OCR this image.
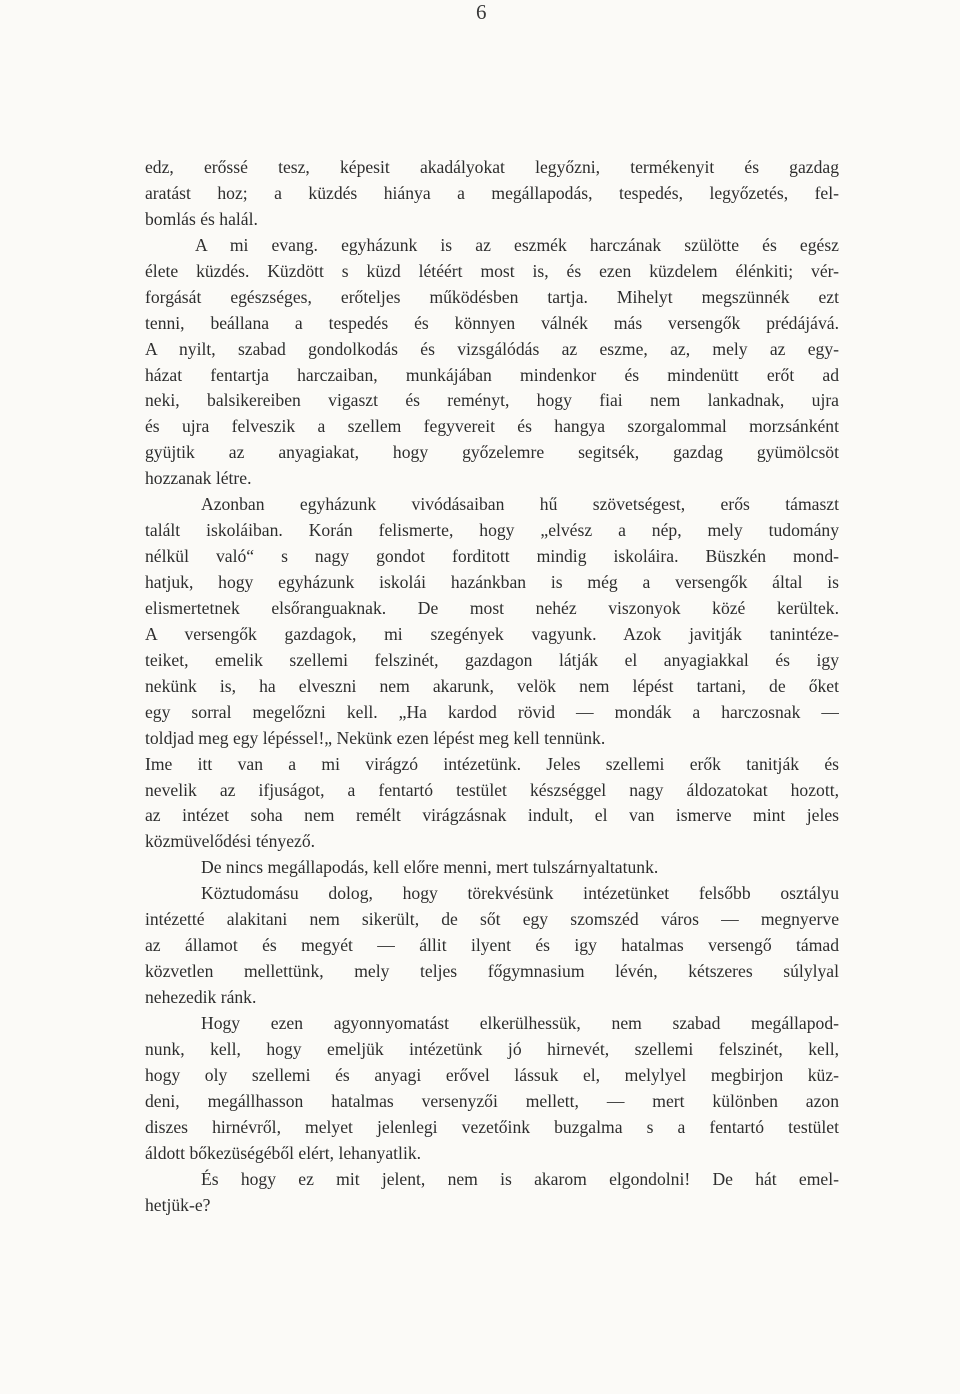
6
edz, erőssé tesz, képesit akadályokat legyőzni, termékenyit és gazdag
aratást hoz; a küzdés hiánya a megállapodás, tespedés, legyőzetés, fel-
bomlás és halál.
A mi evang. egyházunk is az eszmék harczának szülötte és egész
élete küzdés. Küzdött s küzd létéért most is, és ezen küzdelem élénkiti; vér-
forgását egészséges, erőteljes működésben tartja. Mihelyt megszünnék ezt
tenni, beállana a tespedés és könnyen válnék más versengők prédájává.
A nyilt, szabad gondolkodás és vizsgálódás az eszme, az, mely az egy-
házat fentartja harczaiban, munkájában mindenkor és mindenütt erőt ad
neki, balsikereiben vigaszt és reményt, hogy fiai nem lankadnak, ujra
és ujra felveszik a szellem fegyvereit és hangya szorgalommal morzsánként
gyüjtik az anyagiakat, hogy győzelemre segitsék, gazdag gyümölcsöt
hozzanak létre.
Azonban egyházunk vivódásaiban hű szövetségest, erős támaszt
talált iskoláiban. Korán felismerte, hogy „elvész a nép, mely tudomány
nélkül való“ s nagy gondot forditott mindig iskoláira. Büszkén mond-
hatjuk, hogy egyházunk iskolái hazánkban is még a versengők által is
elismertetnek elsőranguaknak. De most nehéz viszonyok közé kerültek.
A versengők gazdagok, mi szegények vagyunk. Azok javitják tanintéze-
teiket, emelik szellemi felszinét, gazdagon látják el anyagiakkal és igy
nekünk is, ha elveszni nem akarunk, velök nem lépést tartani, de őket
egy sorral megelőzni kell. „Ha kardod rövid — mondák a harczosnak —
toldjad meg egy lépéssel!„ Nekünk ezen lépést meg kell tennünk.
Ime itt van a mi virágzó intézetünk. Jeles szellemi erők tanitják és
nevelik az ifjuságot, a fentartó testület készséggel nagy áldozatokat hozott,
az intézet soha nem remélt virágzásnak indult, el van ismerve mint jeles
közmüvelődési tényező.
De nincs megállapodás, kell előre menni, mert tulszárnyaltatunk.
Köztudomásu dolog, hogy törekvésünk intézetünket felsőbb osztályu
intézetté alakitani nem sikerült, de sőt egy szomszéd város — megnyerve
az államot és megyét — állit ilyent és igy hatalmas versengő támad
közvetlen mellettünk, mely teljes főgymnasium lévén, kétszeres súlylyal
nehezedik ránk.
Hogy ezen agyonnyomatást elkerülhessük, nem szabad megállapod-
nunk, kell, hogy emeljük intézetünk jó hirnevét, szellemi felszinét, kell,
hogy oly szellemi és anyagi erővel lássuk el, melylyel megbirjon küz-
deni, megállhasson hatalmas versenyzői mellett, — mert különben azon
diszes hirnévről, melyet jelenlegi vezetőink buzgalma s a fentartó testület
áldott bőkezüségéből elért, lehanyatlik.
És hogy ez mit jelent, nem is akarom elgondolni! De hát emel-
hetjük-e?
